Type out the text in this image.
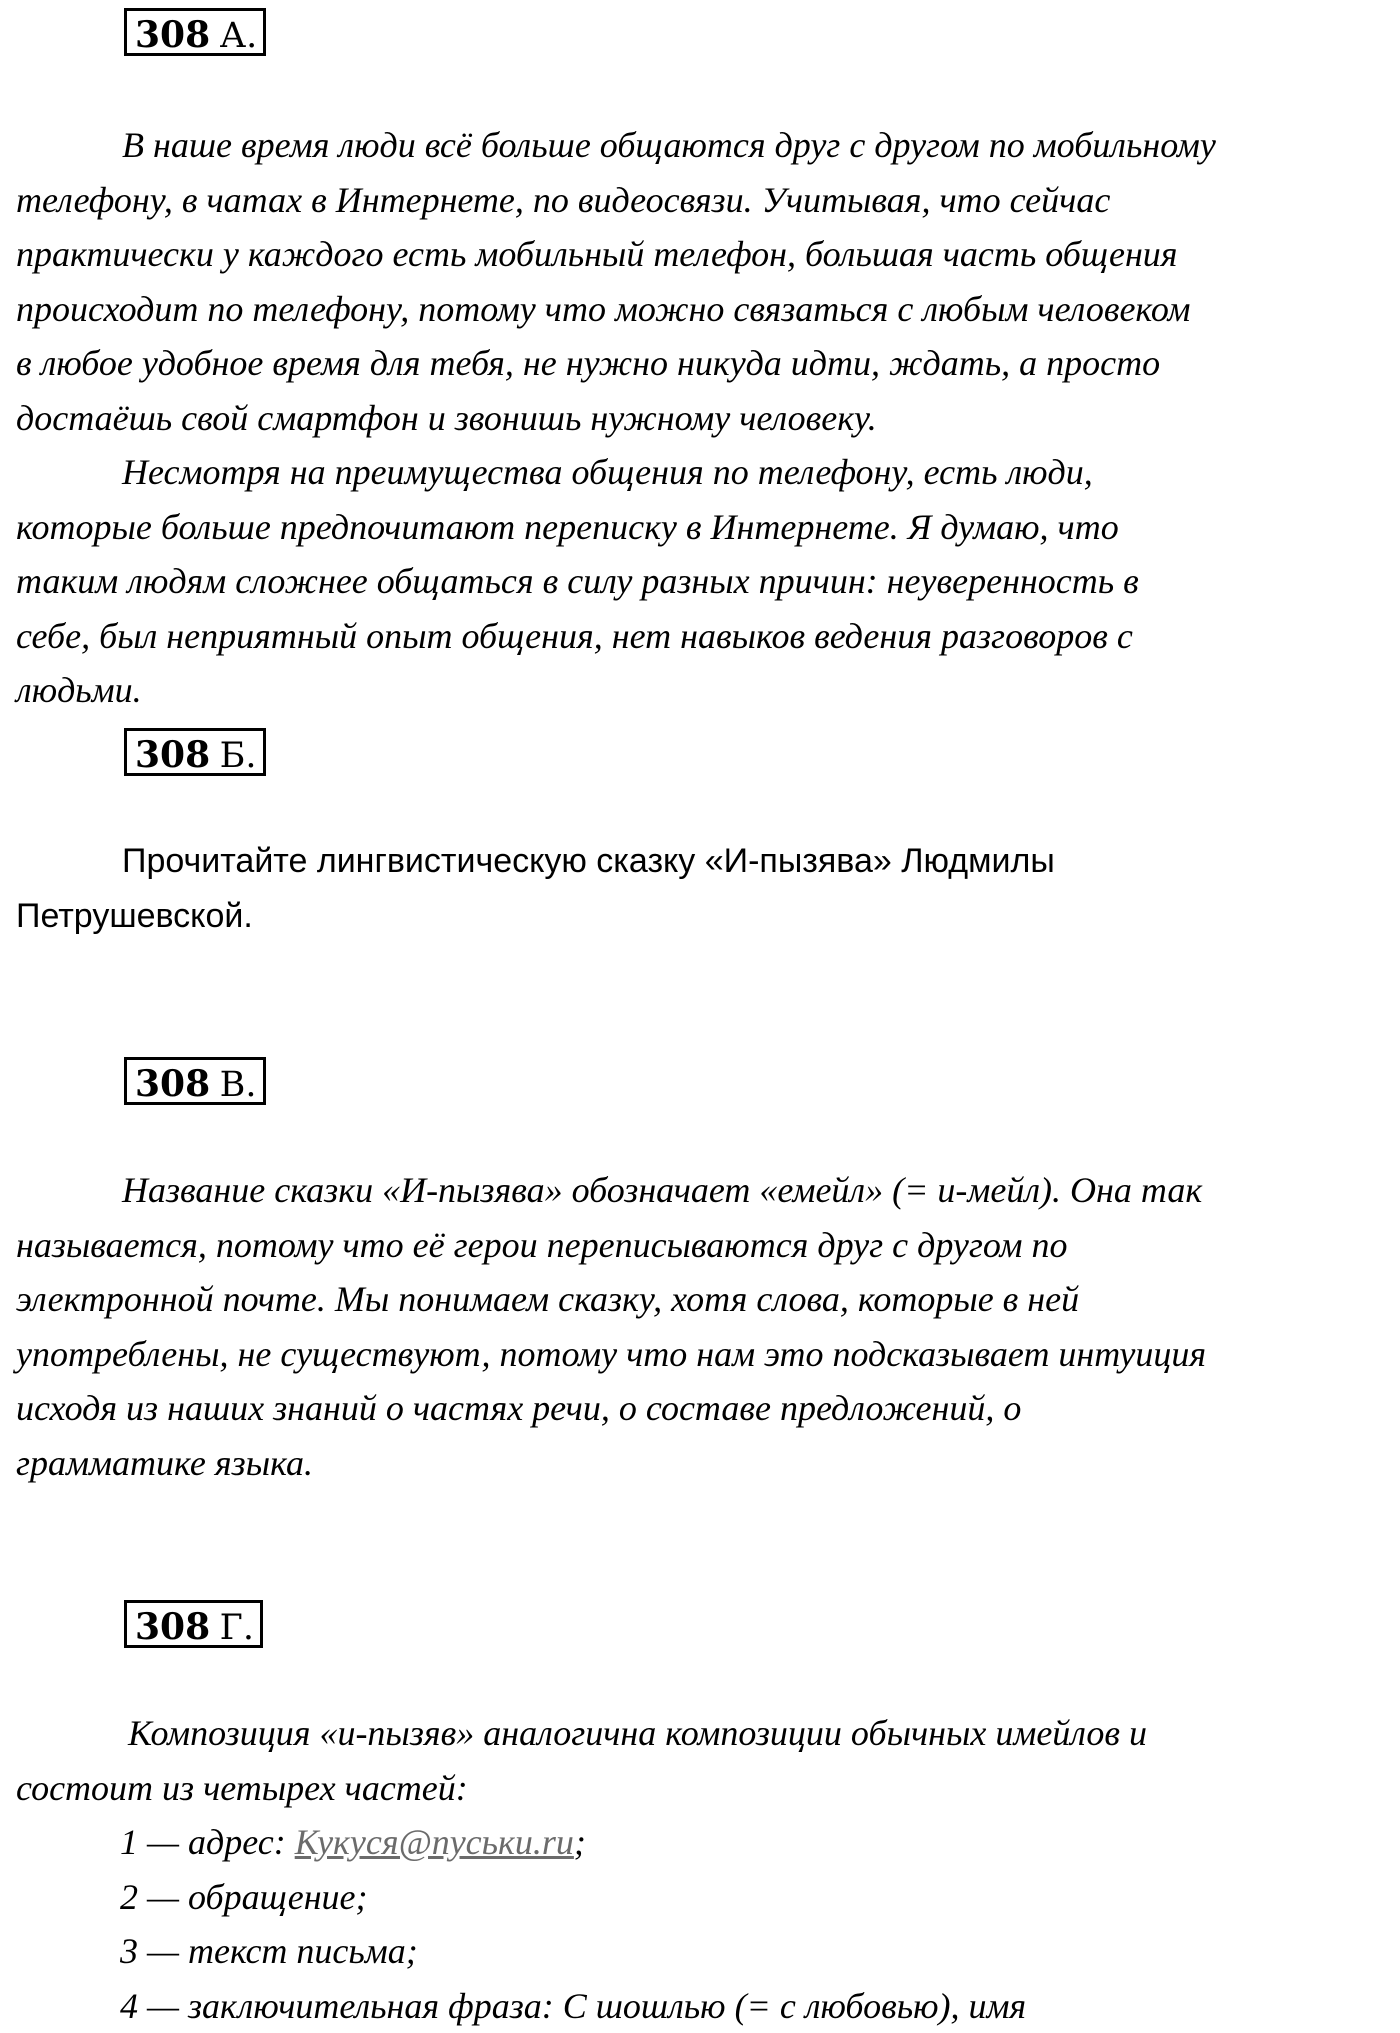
308 А.
В наше время люди всё больше общаются друг с другом по мобильному
телефону, в чатах в Интернете, по видеосвязи. Учитывая, что сейчас
практически у каждого есть мобильный телефон, большая часть общения
происходит по телефону, потому что можно связаться с любым человеком
в любое удобное время для тебя, не нужно никуда идти, ждать, а просто
достаёшь свой смартфон и звонишь нужному человеку.
Несмотря на преимущества общения по телефону, есть люди,
которые больше предпочитают переписку в Интернете. Я думаю, что
таким людям сложнее общаться в силу разных причин: неуверенность в
себе, был неприятный опыт общения, нет навыков ведения разговоров с
людьми.
308 Б.
Прочитайте лингвистическую сказку «И-пызява» Людмилы
Петрушевской.
308 В.
Название сказки «И-пызява» обозначает «емейл» (= и-мейл). Она так
называется, потому что её герои переписываются друг с другом по
электронной почте. Мы понимаем сказку, хотя слова, которые в ней
употреблены, не существуют, потому что нам это подсказывает интуиция
исходя из наших знаний о частях речи, о составе предложений, о
грамматике языка.
308 Г.
Композиция «и-пызяв» аналогична композиции обычных имейлов и
состоит из четырех частей:
1 — адрес: Кукуся@пуськи.ru;
2 — обращение;
3 — текст письма;
4 — заключительная фраза: С шошлью (= с любовью), имя
